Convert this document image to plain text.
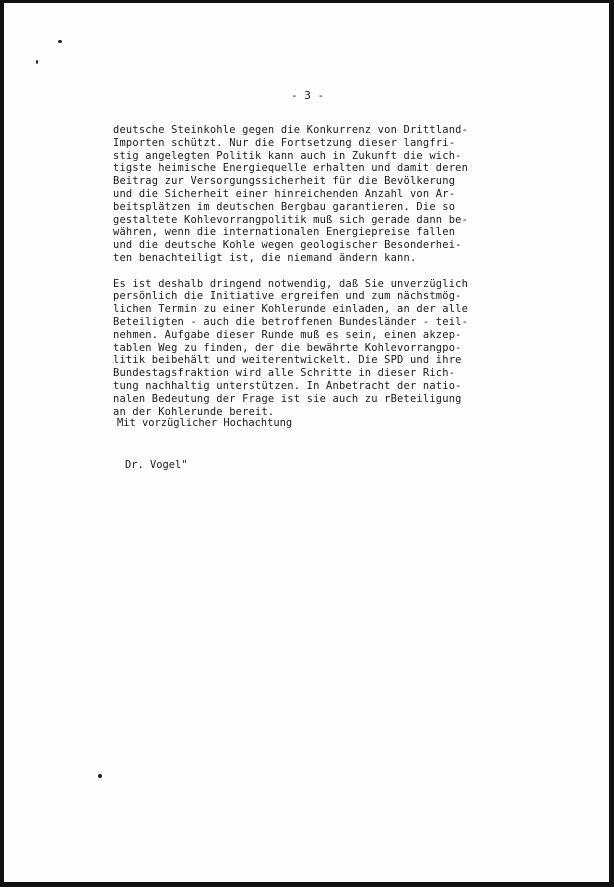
- 3 -
deutsche Steinkohle gegen die Konkurrenz von Drittland-
Importen schützt. Nur die Fortsetzung dieser langfri-
stig angelegten Politik kann auch in Zukunft die wich-
tigste heimische Energiequelle erhalten und damit deren
Beitrag zur Versorgungssicherheit für die Bevölkerung
und die Sicherheit einer hinreichenden Anzahl von Ar-
beitsplätzen im deutschen Bergbau garantieren. Die so
gestaltete Kohlevorrangpolitik muß sich gerade dann be-
währen, wenn die internationalen Energiepreise fallen
und die deutsche Kohle wegen geologischer Besonderhei-
ten benachteiligt ist, die niemand ändern kann.
Es ist deshalb dringend notwendig, daß Sie unverzüglich
persönlich die Initiative ergreifen und zum nächstmög-
lichen Termin zu einer Kohlerunde einladen, an der alle
Beteiligten - auch die betroffenen Bundesländer - teil-
nehmen. Aufgabe dieser Runde muß es sein, einen akzep-
tablen Weg zu finden, der die bewährte Kohlevorrangpo-
litik beibehält und weiterentwickelt. Die SPD und ihre
Bundestagsfraktion wird alle Schritte in dieser Rich-
tung nachhaltig unterstützen. In Anbetracht der natio-
nalen Bedeutung der Frage ist sie auch zu rBeteiligung
an der Kohlerunde bereit.
Mit vorzüglicher Hochachtung
Dr. Vogel"
